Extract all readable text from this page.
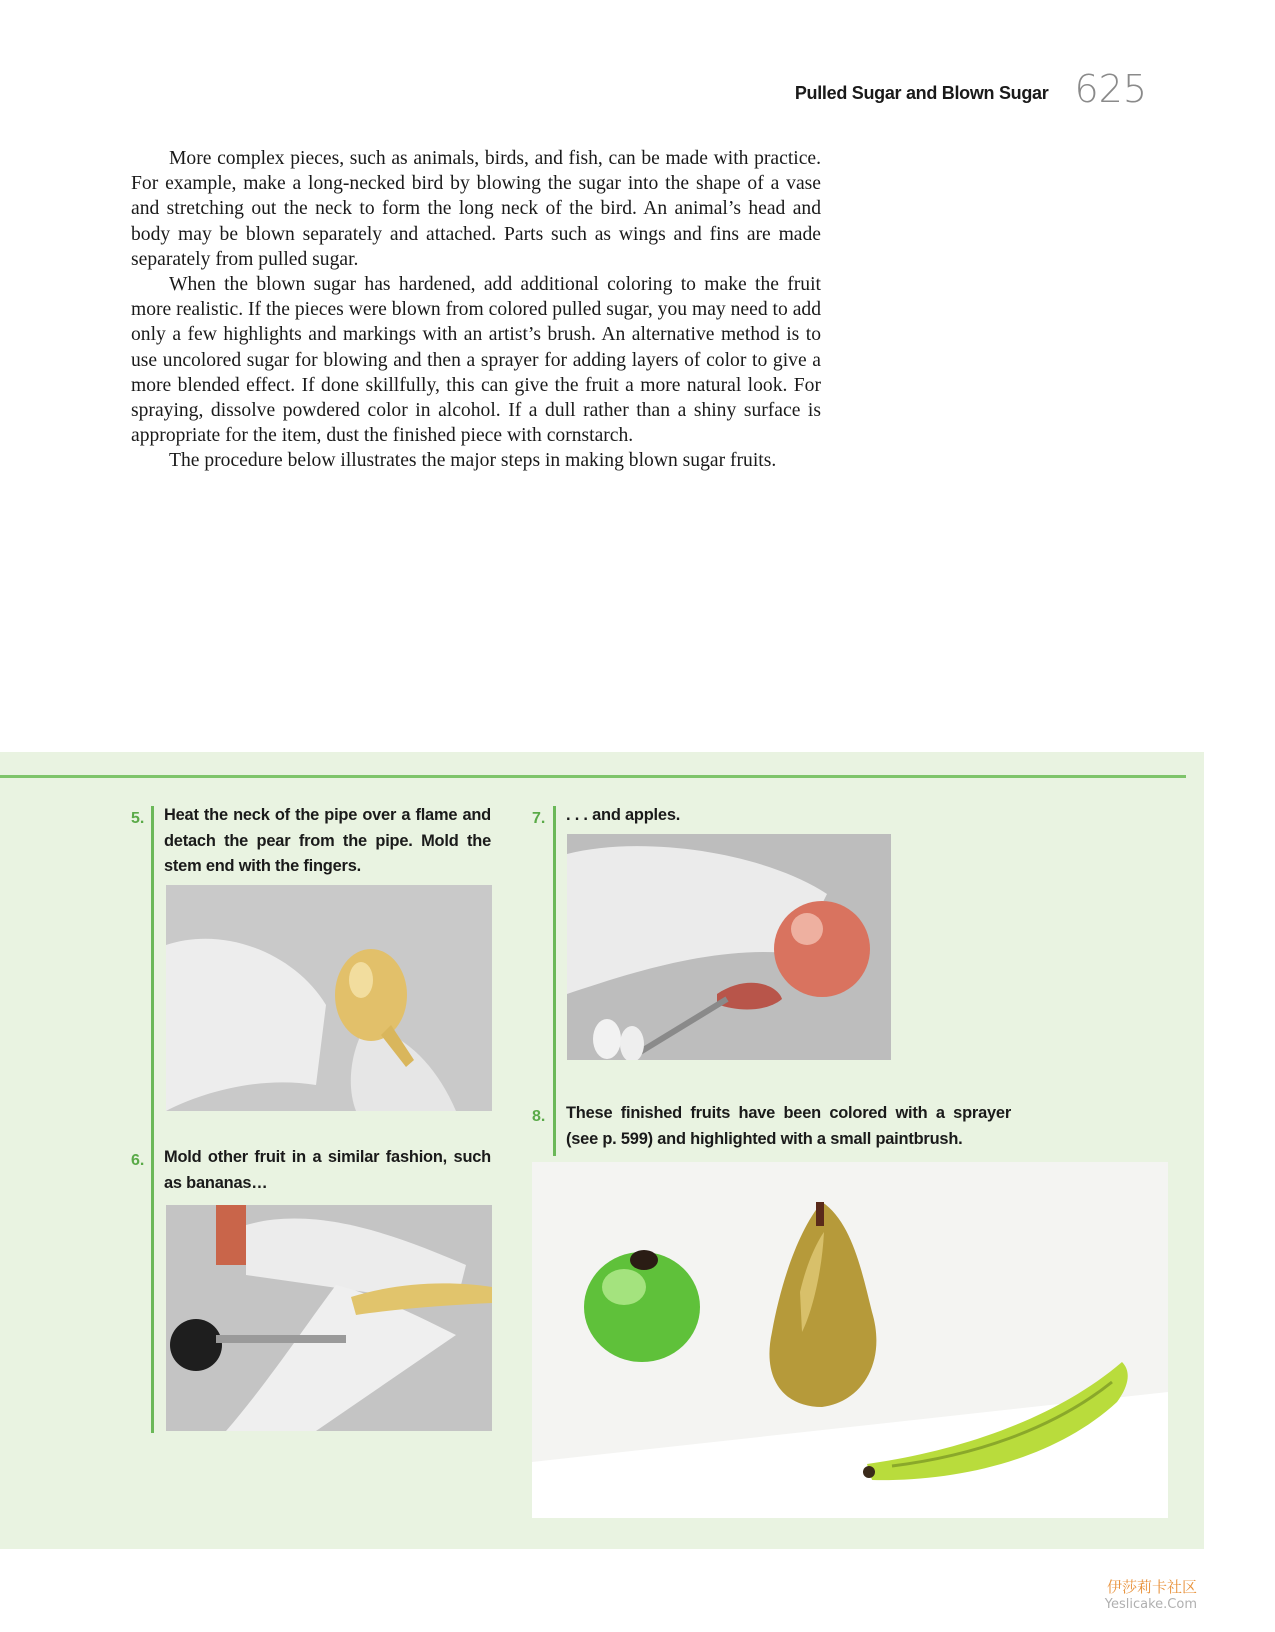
Pulled Sugar and Blown Sugar 625

More complex pieces, such as animals, birds, and fish, can be made with practice. For example, make a long-necked bird by blowing the sugar into the shape of a vase and stretching out the neck to form the long neck of the bird. An animal’s head and body may be blown separately and attached. Parts such as wings and fins are made separately from pulled sugar.

When the blown sugar has hardened, add additional coloring to make the fruit more realistic. If the pieces were blown from colored pulled sugar, you may need to add only a few highlights and markings with an artist’s brush. An alternative method is to use uncolored sugar for blowing and then a sprayer for adding layers of color to give a more blended effect. If done skillfully, this can give the fruit a more natural look. For spraying, dissolve powdered color in alcohol. If a dull rather than a shiny surface is appropriate for the item, dust the finished piece with cornstarch.

The procedure below illustrates the major steps in making blown sugar fruits.

5. Heat the neck of the pipe over a flame and detach the pear from the pipe. Mold the stem end with the fingers.
6. Mold other fruit in a similar fashion, such as bananas…
7. . . . and apples.
8. These finished fruits have been colored with a sprayer (see p. 599) and highlighted with a small paintbrush.
伊莎莉卡社区
Yeslicake.Com
